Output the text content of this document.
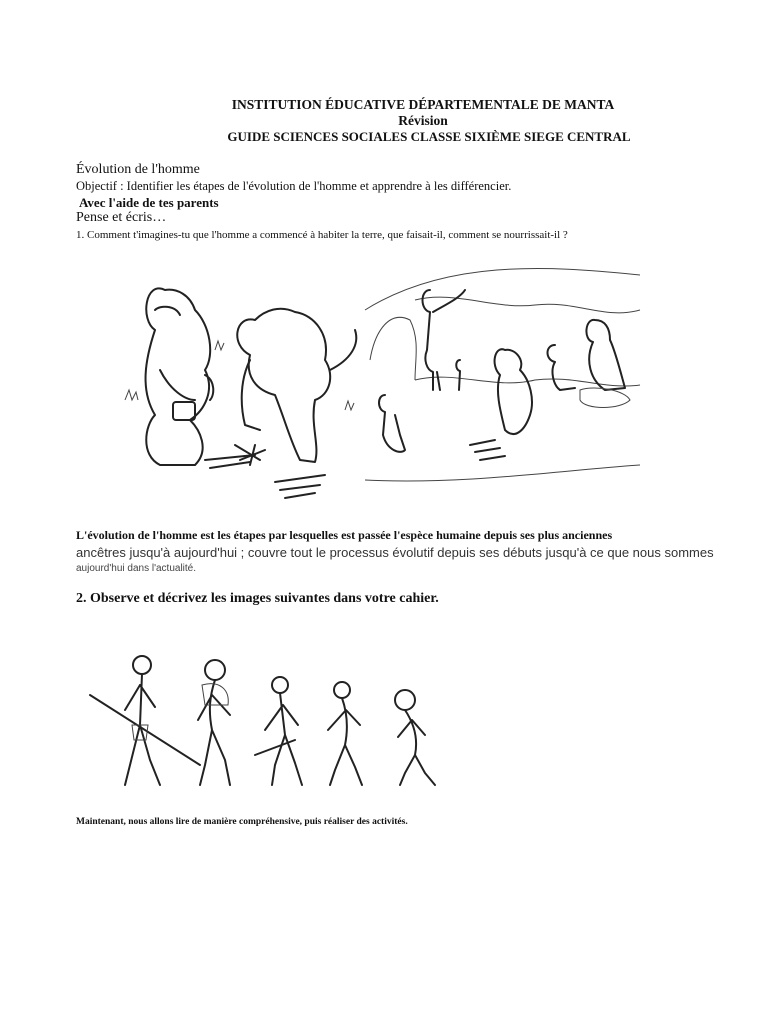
INSTITUTION ÉDUCATIVE DÉPARTEMENTALE DE MANTA
Révision
GUIDE SCIENCES SOCIALES CLASSE SIXIÈME SIEGE CENTRAL
Évolution de l'homme
Objectif : Identifier les étapes de l'évolution de l'homme et apprendre à les différencier.
Avec l'aide de tes parents
Pense et écris…
1. Comment t'imagines-tu que l'homme a commencé à habiter la terre, que faisait-il, comment se nourrissait-il ?
L'évolution de l'homme est les étapes par lesquelles est passée l'espèce humaine depuis ses plus anciennes
ancêtres jusqu'à aujourd'hui ; couvre tout le processus évolutif depuis ses débuts jusqu'à ce que nous sommes
aujourd'hui dans l'actualité.
2. Observe et décrivez les images suivantes dans votre cahier.
Maintenant, nous allons lire de manière compréhensive, puis réaliser des activités.
